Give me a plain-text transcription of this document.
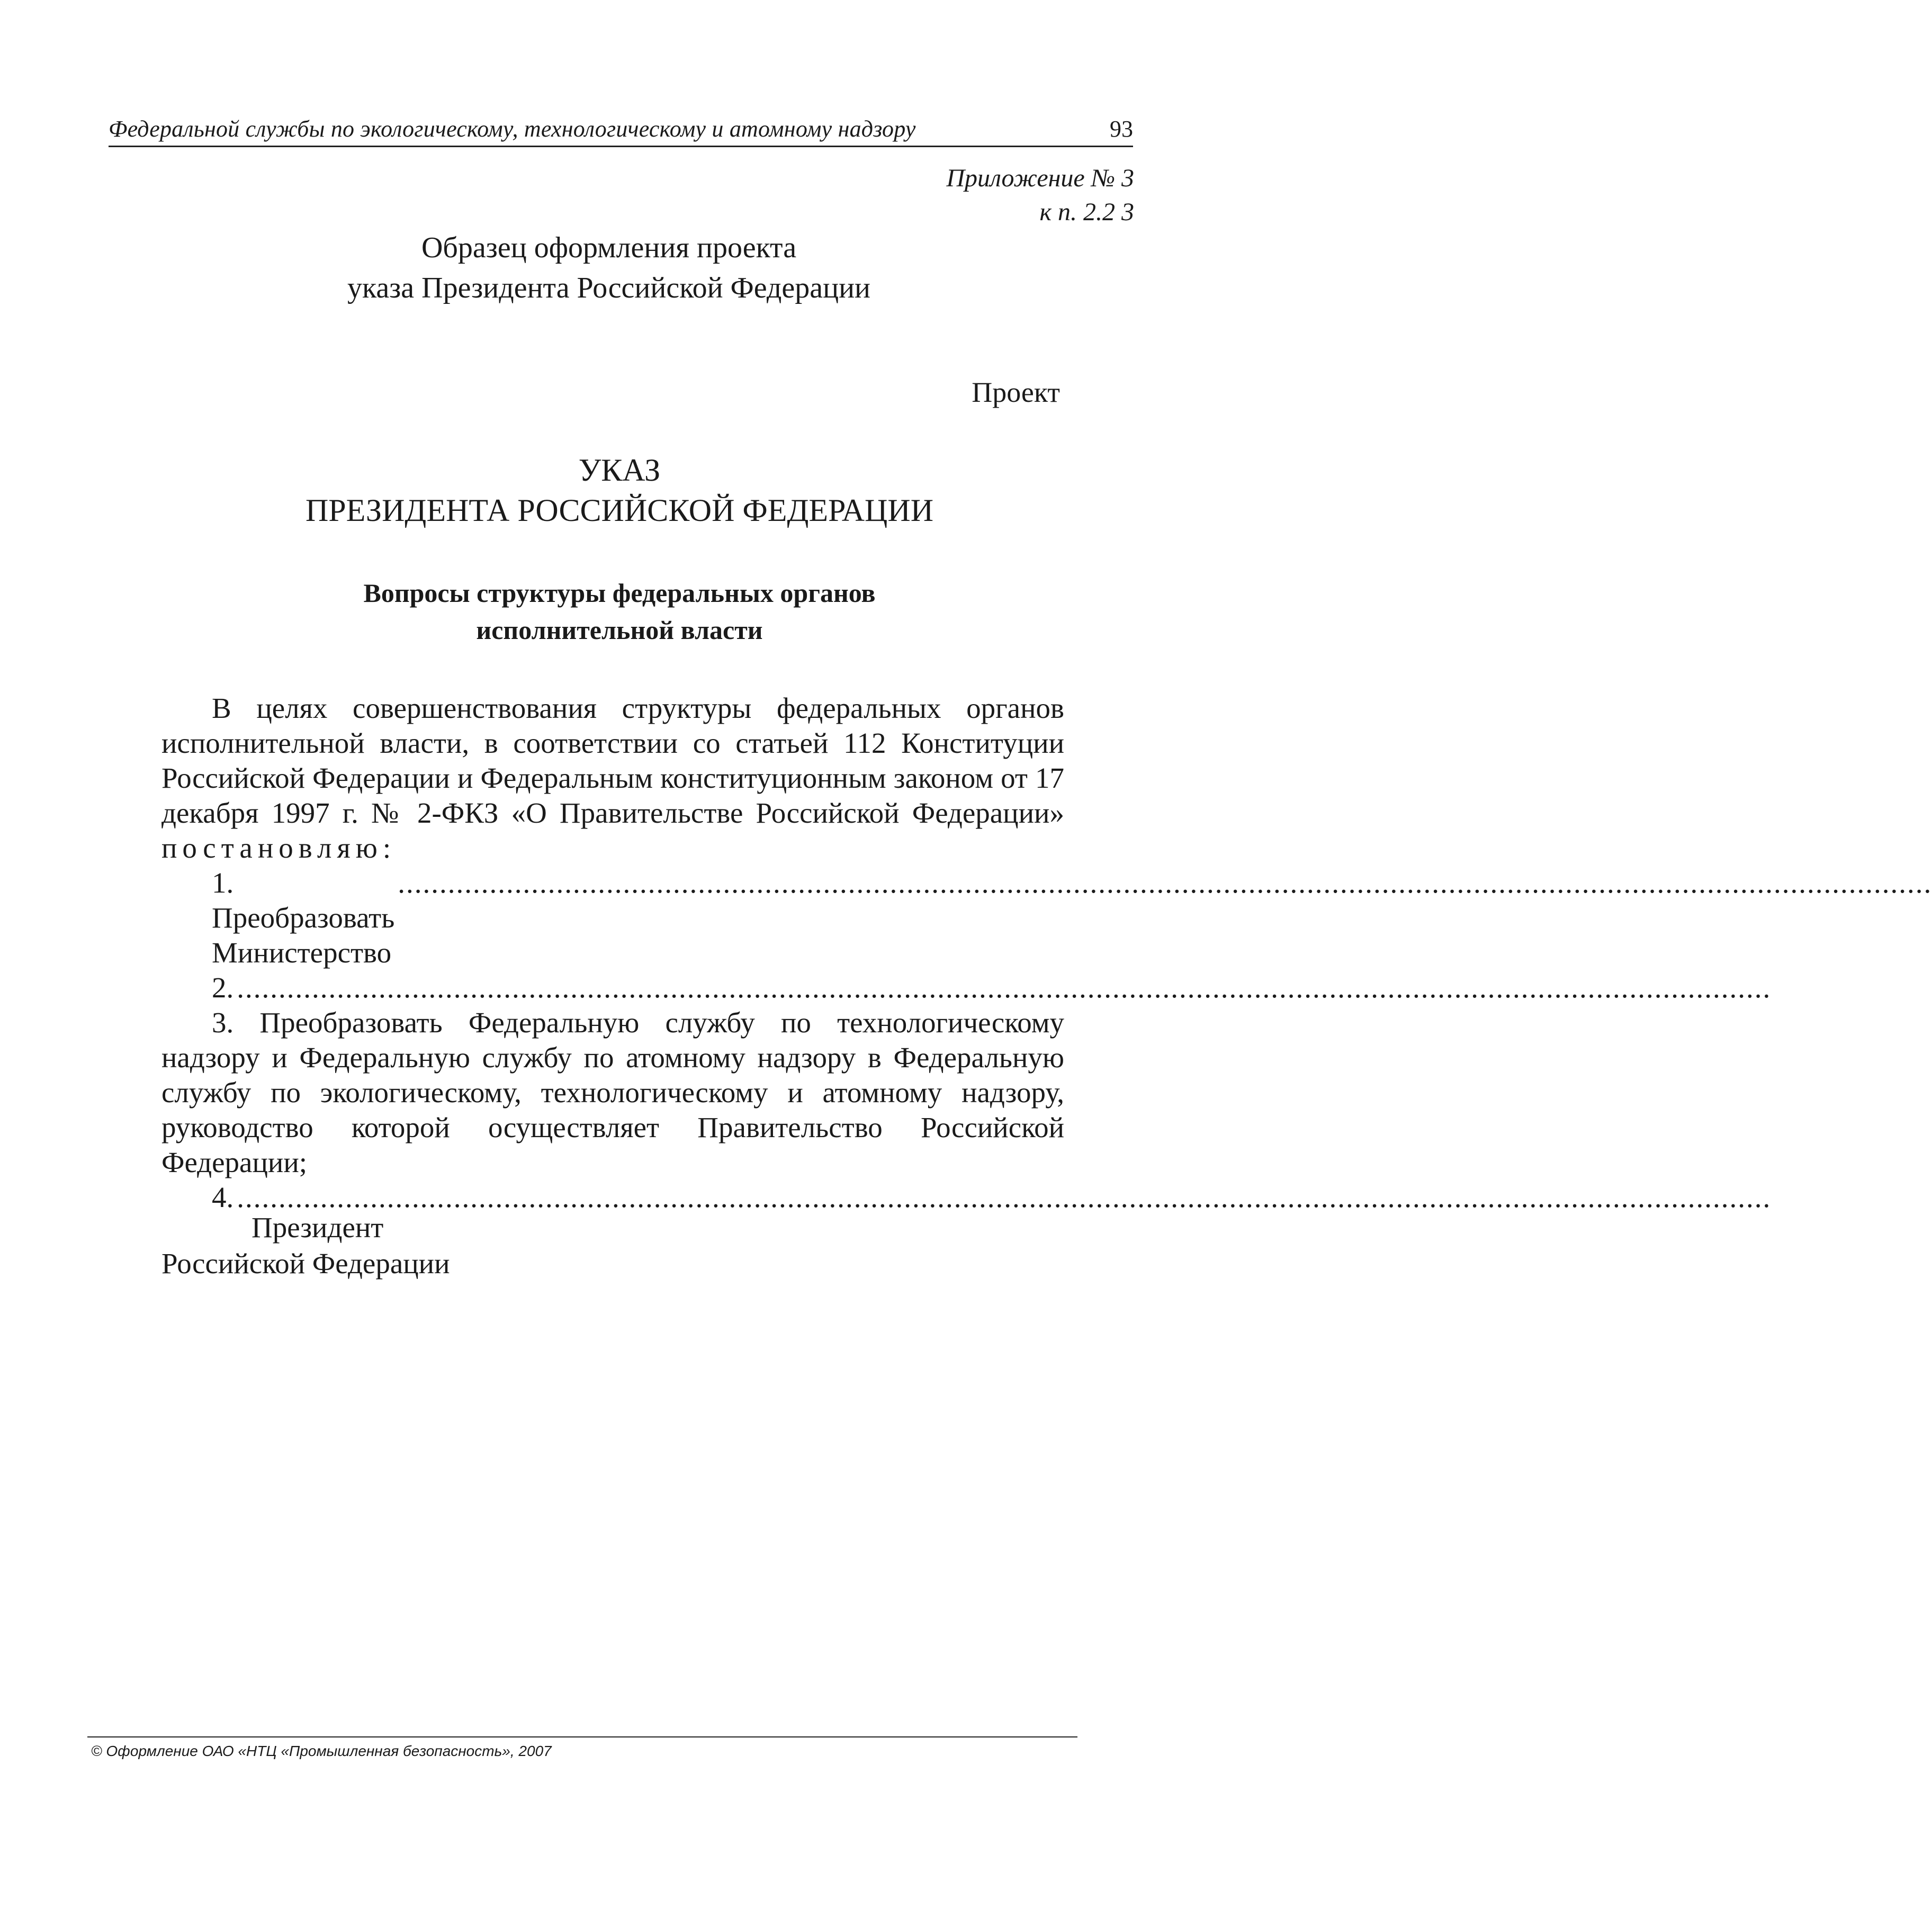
Федеральной службы по экологическому, технологическому и атомному надзору	93
Приложение № 3
к п. 2.2 3
Образец оформления проекта
указа Президента Российской Федерации
Проект
УКАЗ
ПРЕЗИДЕНТА РОССИЙСКОЙ ФЕДЕРАЦИИ
Вопросы структуры федеральных органов
исполнительной власти

В целях совершенствования структуры федеральных органов исполнительной власти, в соответствии со статьей 112 Конституции Российской Федерации и Федеральным конституционным законом от 17 декабря 1997 г. № 2-ФКЗ «О Правительстве Российской Федерации» постановляю:

1. Преобразовать Министерство
........................................................................................................................................................................................
2. ........................................................................................................................................................................................

3. Преобразовать Федеральную службу по технологическому надзору и Федеральную службу по атомному надзору в Федеральную службу по экологическому, технологическому и атомному надзору, руководство которой осуществляет Правительство Российской Федерации;

4. ........................................................................................................................................................................................
Президент
Российской Федерации
© Оформление ОАО «НТЦ «Промышленная безопасность», 2007
